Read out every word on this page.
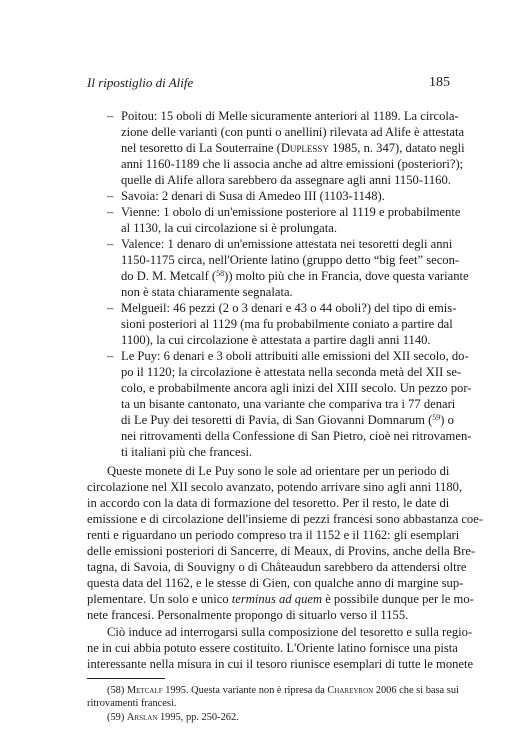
Il ripostiglio di Alife	185
– Poitou: 15 oboli di Melle sicuramente anteriori al 1189. La circola-
zione delle varianti (con punti o anellini) rilevata ad Alife è attestata
nel tesoretto di La Souterraine (Duplessy 1985, n. 347), datato negli
anni 1160-1189 che li associa anche ad altre emissioni (posteriori?);
quelle di Alife allora sarebbero da assegnare agli anni 1150-1160.
– Savoia: 2 denari di Susa di Amedeo III (1103-1148).
– Vienne: 1 obolo di un'emissione posteriore al 1119 e probabilmente
al 1130, la cui circolazione si è prolungata.
– Valence: 1 denaro di un'emissione attestata nei tesoretti degli anni
1150-1175 circa, nell'Oriente latino (gruppo detto “big feet” secon-
do D. M. Metcalf ($^{58}$)) molto più che in Francia, dove questa variante
non è stata chiaramente segnalata.
– Melgueil: 46 pezzi (2 o 3 denari e 43 o 44 oboli?) del tipo di emis-
sioni posteriori al 1129 (ma fu probabilmente coniato a partire dal
1100), la cui circolazione è attestata a partire dagli anni 1140.
– Le Puy: 6 denari e 3 oboli attribuiti alle emissioni del XII secolo, do-
po il 1120; la circolazione è attestata nella seconda metà del XII se-
colo, e probabilmente ancora agli inizi del XIII secolo. Un pezzo por-
ta un bisante cantonato, una variante che compariva tra i 77 denari
di Le Puy dei tesoretti di Pavia, di San Giovanni Domnarum ($^{59}$) o
nei ritrovamenti della Confessione di San Pietro, cioè nei ritrovamen-
ti italiani più che francesi.
Queste monete di Le Puy sono le sole ad orientare per un periodo di
circolazione nel XII secolo avanzato, potendo arrivare sino agli anni 1180,
in accordo con la data di formazione del tesoretto. Per il resto, le date di
emissione e di circolazione dell'insieme di pezzi francesi sono abbastanza coe-
renti e riguardano un periodo compreso tra il 1152 e il 1162: gli esemplari
delle emissioni posteriori di Sancerre, di Meaux, di Provins, anche della Bre-
tagna, di Savoia, di Souvigny o di Châteaudun sarebbero da attendersi oltre
questa data del 1162, e le stesse di Gien, con qualche anno di margine sup-
plementare. Un solo e unico terminus ad quem è possibile dunque per le mo-
nete francesi. Personalmente propongo di situarlo verso il 1155.
Ciò induce ad interrogarsi sulla composizione del tesoretto e sulla regio-
ne in cui abbia potuto essere costituito. L'Oriente latino fornisce una pista
interessante nella misura in cui il tesoro riunisce esemplari di tutte le monete
(58) Metcalf 1995. Questa variante non è ripresa da Chareyron 2006 che si basa sui
ritrovamenti francesi.
(59) Arslan 1995, pp. 250-262.
